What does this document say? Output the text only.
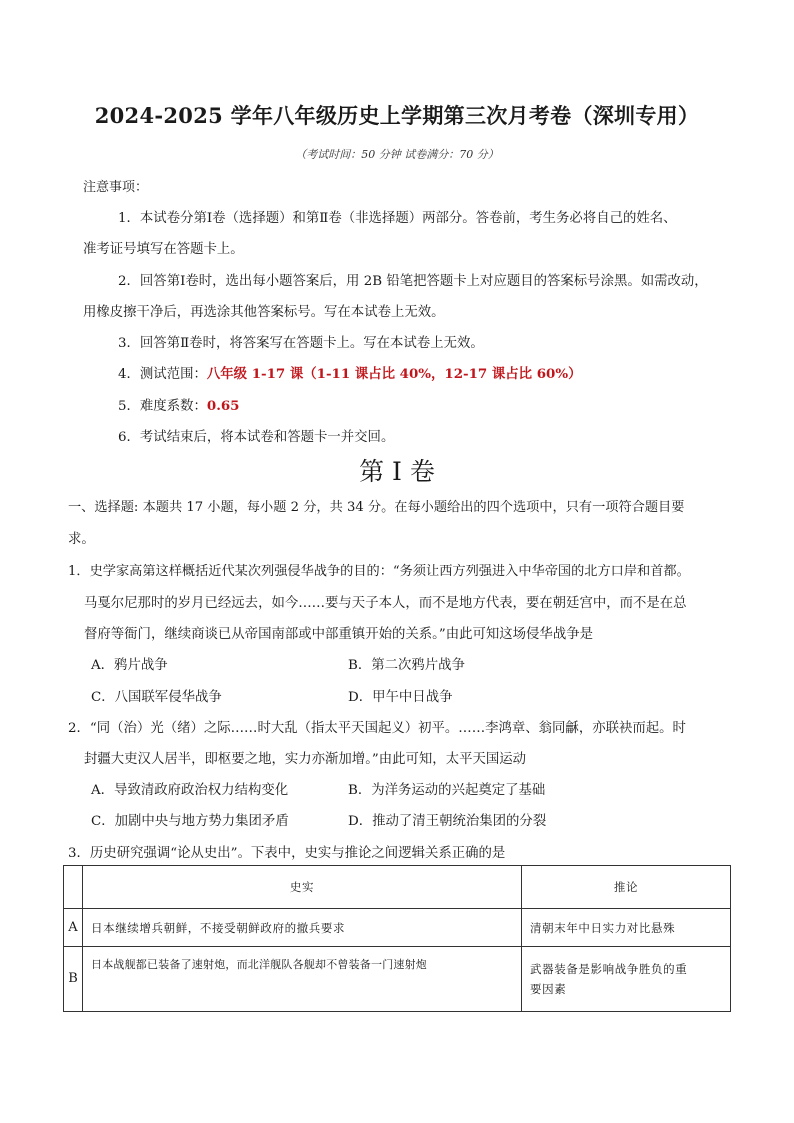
2024-2025 学年八年级历史上学期第三次月考卷（深圳专用）
（考试时间：50 分钟 试卷满分：70 分）
注意事项：
1．本试卷分第Ⅰ卷（选择题）和第Ⅱ卷（非选择题）两部分。答卷前，考生务必将自己的姓名、
准考证号填写在答题卡上。
2．回答第Ⅰ卷时，选出每小题答案后，用 2B 铅笔把答题卡上对应题目的答案标号涂黑。如需改动，
用橡皮擦干净后，再选涂其他答案标号。写在本试卷上无效。
3．回答第Ⅱ卷时，将答案写在答题卡上。写在本试卷上无效。
4．测试范围：八年级 1-17 课（1-11 课占比 40%，12-17 课占比 60%）
5．难度系数：0.65
6．考试结束后，将本试卷和答题卡一并交回。
第 I 卷
一、选择题: 本题共 17 小题，每小题 2 分，共 34 分。在每小题给出的四个选项中，只有一项符合题目要
求。
1．史学家高第这样概括近代某次列强侵华战争的目的：“务须让西方列强进入中华帝国的北方口岸和首都。
马戛尔尼那时的岁月已经远去，如今……要与天子本人，而不是地方代表，要在朝廷宫中，而不是在总
督府等衙门，继续商谈已从帝国南部或中部重镇开始的关系。”由此可知这场侵华战争是
A．鸦片战争	B．第二次鸦片战争
C．八国联军侵华战争	D．甲午中日战争
2．“同（治）光（绪）之际……时大乱（指太平天国起义）初平。……李鸿章、翁同龢，亦联袂而起。时
封疆大吏汉人居半，即枢要之地，实力亦渐加增。”由此可知，太平天国运动
A．导致清政府政治权力结构变化	B．为洋务运动的兴起奠定了基础
C．加剧中央与地方势力集团矛盾	D．推动了清王朝统治集团的分裂
3．历史研究强调“论从史出”。下表中，史实与推论之间逻辑关系正确的是
	史实	推论
A	日本继续增兵朝鲜，不接受朝鲜政府的撤兵要求	清朝末年中日实力对比悬殊
B	日本战舰都已装备了速射炮，而北洋舰队各舰却不曾装备一门速射炮	武器装备是影响战争胜负的重
要因素
